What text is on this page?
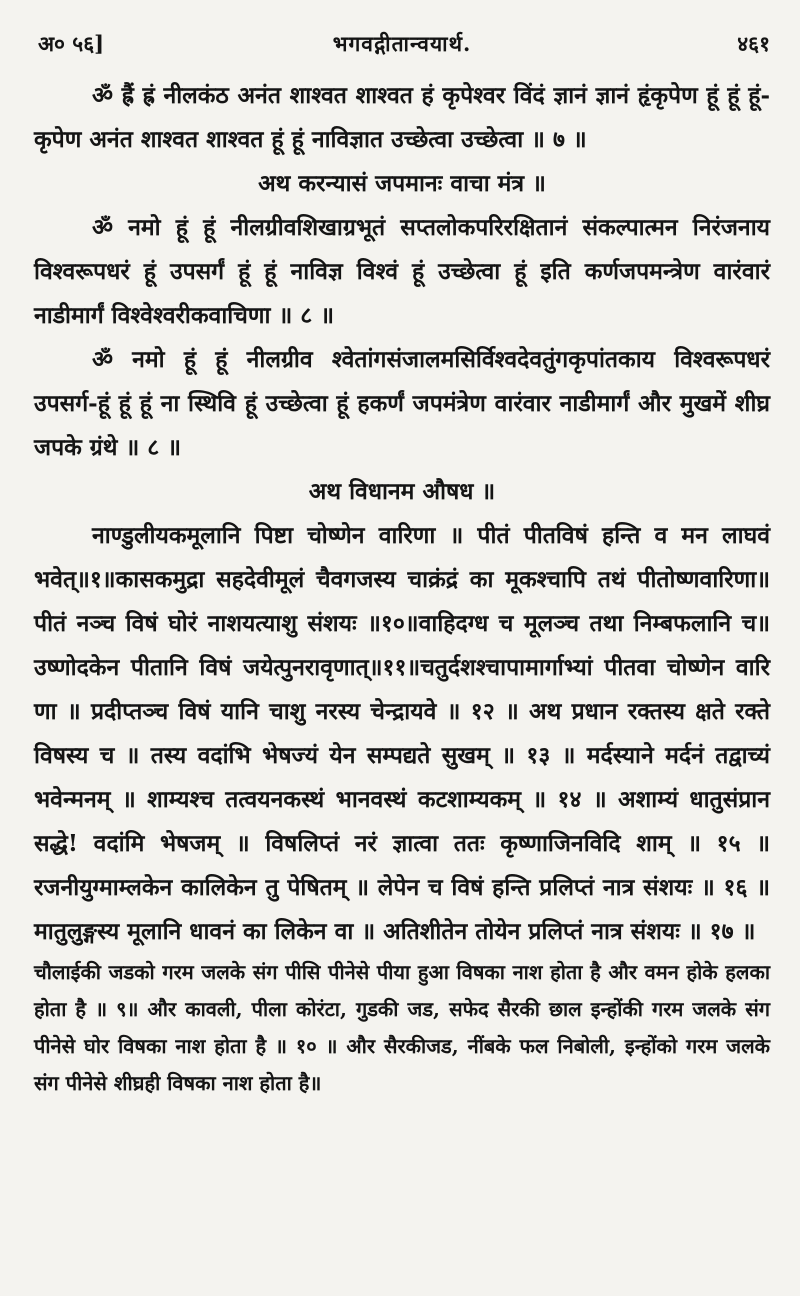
अ० ५६]	भगवद्गीतान्वयार्थ.	४६१

ॐ ह्रैं ह्रं नीलकंठ अनंत शाश्वत शाश्वत हं कृपेश्वर विंदं ज्ञानं ज्ञानं हृंकृपेण हूं हूं हूं-कृपेण अनंत शाश्वत शाश्वत हूं हूं नाविज्ञात उच्छेत्वा उच्छेत्वा ॥ ७ ॥

अथ करन्यासं जपमानः वाचा मंत्र ॥

ॐ नमो हूं हूं नीलग्रीवशिखाग्रभूतं सप्तलोकपरिरक्षितानं संकल्पात्मन निरंजनाय विश्वरूपधरं हूं उपसर्गं हूं हूं नाविज्ञ विश्वं हूं उच्छेत्वा हूं इति कर्णजपमन्त्रेण वारंवारं नाडीमार्गं विश्वेश्वरीकवाचिणा ॥ ८ ॥

ॐ नमो हूं हूं नीलग्रीव श्वेतांगसंजालमसिर्विश्वदेवतुंगकृपांतकाय विश्वरूपधरं उपसर्ग-हूं हूं हूं ना स्थिवि हूं उच्छेत्वा हूं हकर्णं जपमंत्रेण वारंवार नाडीमार्गं और मुखमें शीघ्र जपके ग्रंथे ॥ ८ ॥

अथ विधानम औषध ॥

नाण्डुलीयकमूलानि पिष्टा चोष्णेन वारिणा ॥ पीतं पीतविषं हन्ति व मन लाघवं भवेत्॥१॥कासकमुद्रा सहदेवीमूलं चैवगजस्य चाक्रंद्रं का मूकश्चापि तथं पीतोष्णवारिणा॥पीतं नञ्च विषं घोरं नाशयत्याशु संशयः ॥१०॥वाहिदग्ध च मूलञ्च तथा निम्बफलानि च॥उष्णोदकेन पीतानि विषं जयेत्पुनरावृणात्॥११॥चतुर्दशश्चापामार्गाभ्यां पीतवा चोष्णेन वारि णा ॥ प्रदीप्तञ्च विषं यानि चाशु नरस्य चेन्द्रायवे ॥ १२ ॥ अथ प्रधान रक्तस्य क्षते रक्ते विषस्य च ॥ तस्य वदांभि भेषज्यं येन सम्पद्यते सुखम् ॥ १३ ॥ मर्दस्याने मर्दनं तद्वाच्यं भवेन्मनम् ॥ शाम्यश्च तत्वयनकस्थं भानवस्थं कटशाम्यकम् ॥ १४ ॥ अशाम्यं धातुसंप्रान सद्धे! वदांमि भेषजम् ॥ विषलिप्तं नरं ज्ञात्वा ततः कृष्णाजिनविदि शाम् ॥ १५ ॥ रजनीयुग्माम्लकेन कालिकेन तु पेषितम् ॥ लेपेन च विषं हन्ति प्रलिप्तं नात्र संशयः ॥ १६ ॥ मातुलुङ्गस्य मूलानि धावनं का लिकेन वा ॥ अतिशीतेन तोयेन प्रलिप्तं नात्र संशयः ॥ १७ ॥

चौलाईकी जडको गरम जलके संग पीसि पीनेसे पीया हुआ विषका नाश होता है और वमन होके हलका होता है ॥ ९॥ और कावली, पीला कोरंटा, गुडकी जड, सफेद सैरकी छाल इन्होंकी गरम जलके संग पीनेसे घोर विषका नाश होता है ॥ १० ॥ और सैरकीजड, नींबके फल निबोली, इन्होंको गरम जलके संग पीनेसे शीघ्रही विषका नाश होता है॥
